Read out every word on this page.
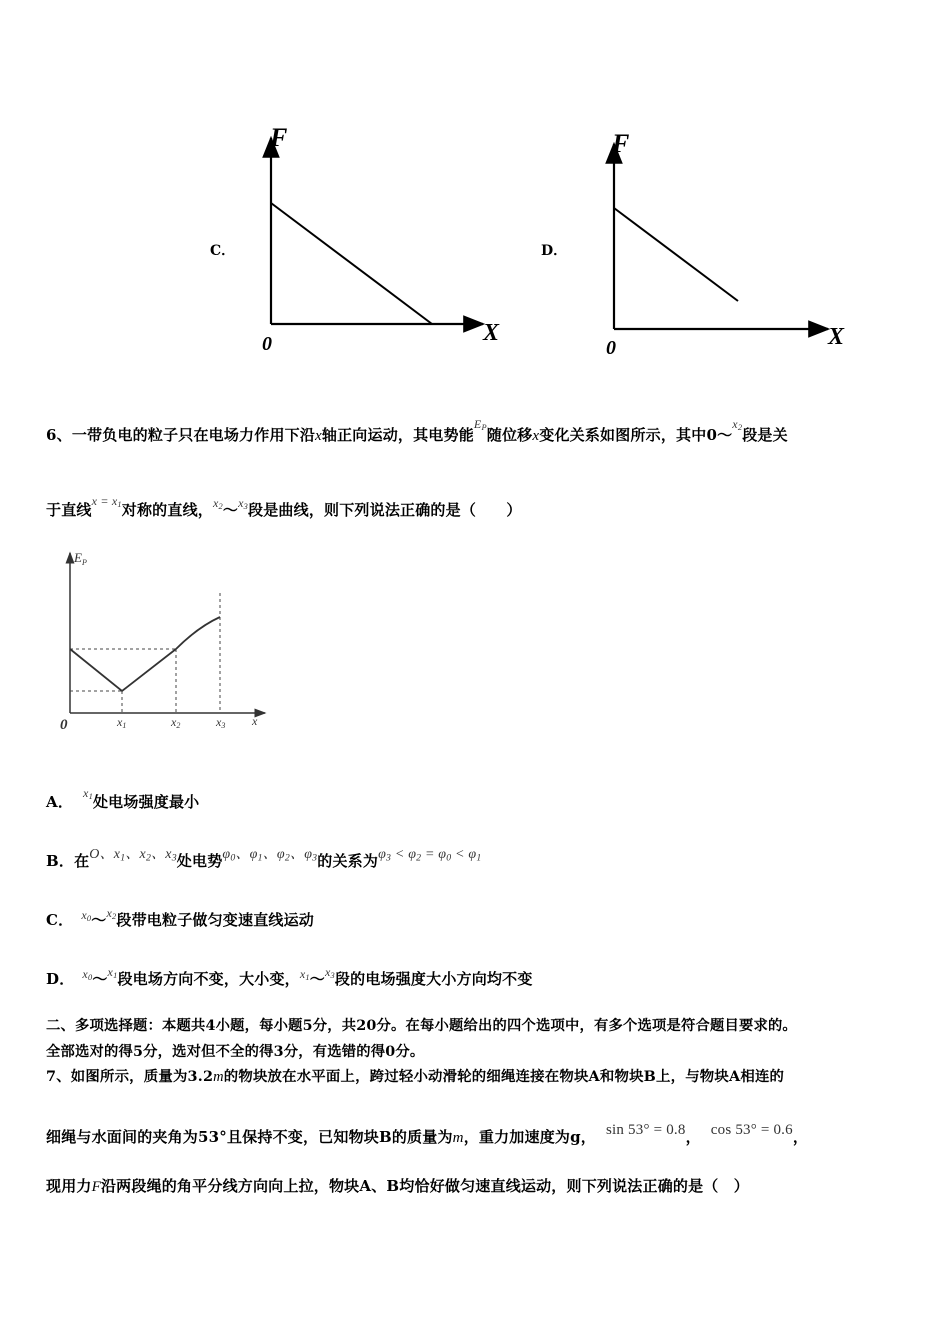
C．
F
X
0
D．
F
X
0
6、一带负电的粒子只在电场力作用下沿x轴正向运动，其电势能$^{E_P}$随位移x变化关系如图所示，其中0～$^{x_2}$段是关
于直线$^{x = x_1}$对称的直线，$^{x_2}$～$^{x_3}$段是曲线，则下列说法正确的是（　　）
$E_P$
0	x1	x2	x3 x
A． $^{x_1}$处电场强度最小
B．在O、$x_1$、$x_2$、$x_3$处电势$\varphi_0$、$\varphi_1$、$\varphi_2$、$\varphi_3$的关系为$\varphi_3 < \varphi_2 = \varphi_0 < \varphi_1$
C． $^{x_0}$～$^{x_2}$段带电粒子做匀变速直线运动
D． $^{x_0}$～$^{x_1}$段电场方向不变，大小变，$^{x_1}$～$^{x_3}$段的电场强度大小方向均不变
二、多项选择题：本题共4小题，每小题5分，共20分。在每小题给出的四个选项中，有多个选项是符合题目要求的。
全部选对的得5分，选对但不全的得3分，有选错的得0分。
7、如图所示，质量为3.2m的物块放在水平面上，跨过轻小动滑轮的细绳连接在物块A和物块B上，与物块A相连的
细绳与水面间的夹角为53°且保持不变，已知物块B的质量为m，重力加速度为g， sin 53° = 0.8， cos 53° = 0.6，
现用力F沿两段绳的角平分线方向向上拉，物块A、B均恰好做匀速直线运动，则下列说法正确的是（　）
